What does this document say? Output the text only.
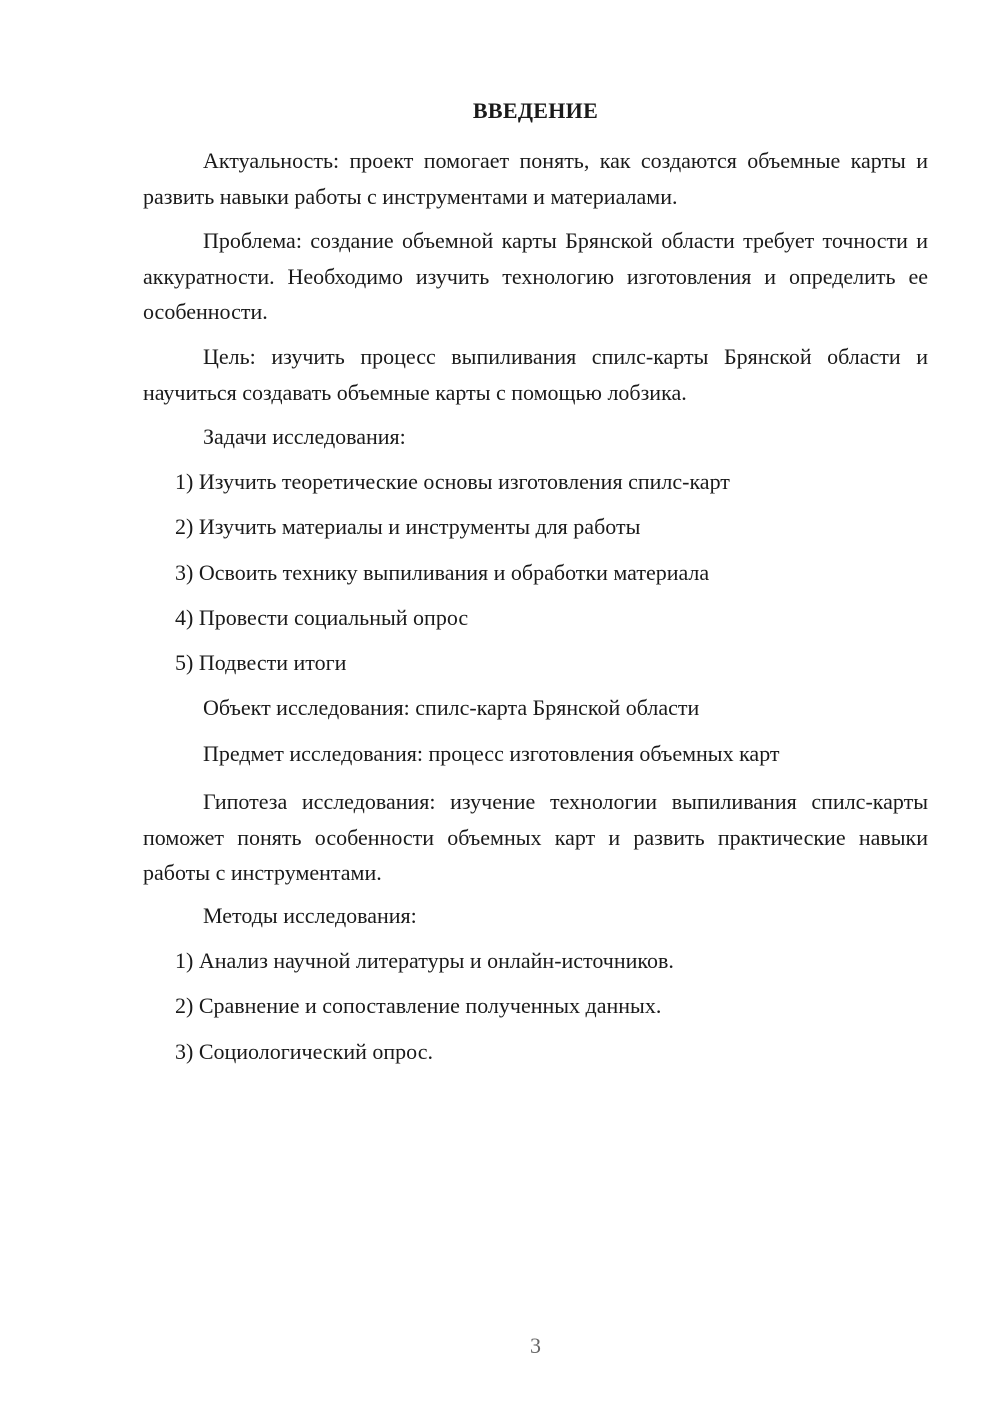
ВВЕДЕНИЕ

Актуальность: проект помогает понять, как создаются объемные карты и развить навыки работы с инструментами и материалами.

Проблема: создание объемной карты Брянской области требует точности и аккуратности. Необходимо изучить технологию изготовления и определить ее особенности.

Цель: изучить процесс выпиливания спилс-карты Брянской области и научиться создавать объемные карты с помощью лобзика.

Задачи исследования:

1) Изучить теоретические основы изготовления спилс-карт

2) Изучить материалы и инструменты для работы

3) Освоить технику выпиливания и обработки материала

4) Провести социальный опрос

5) Подвести итоги

Объект исследования: спилс-карта Брянской области

Предмет исследования: процесс изготовления объемных карт

Гипотеза исследования: изучение технологии выпиливания спилс-карты поможет понять особенности объемных карт и развить практические навыки работы с инструментами.

Методы исследования:

1) Анализ научной литературы и онлайн-источников.

2) Сравнение и сопоставление полученных данных.

3) Социологический опрос.

3
